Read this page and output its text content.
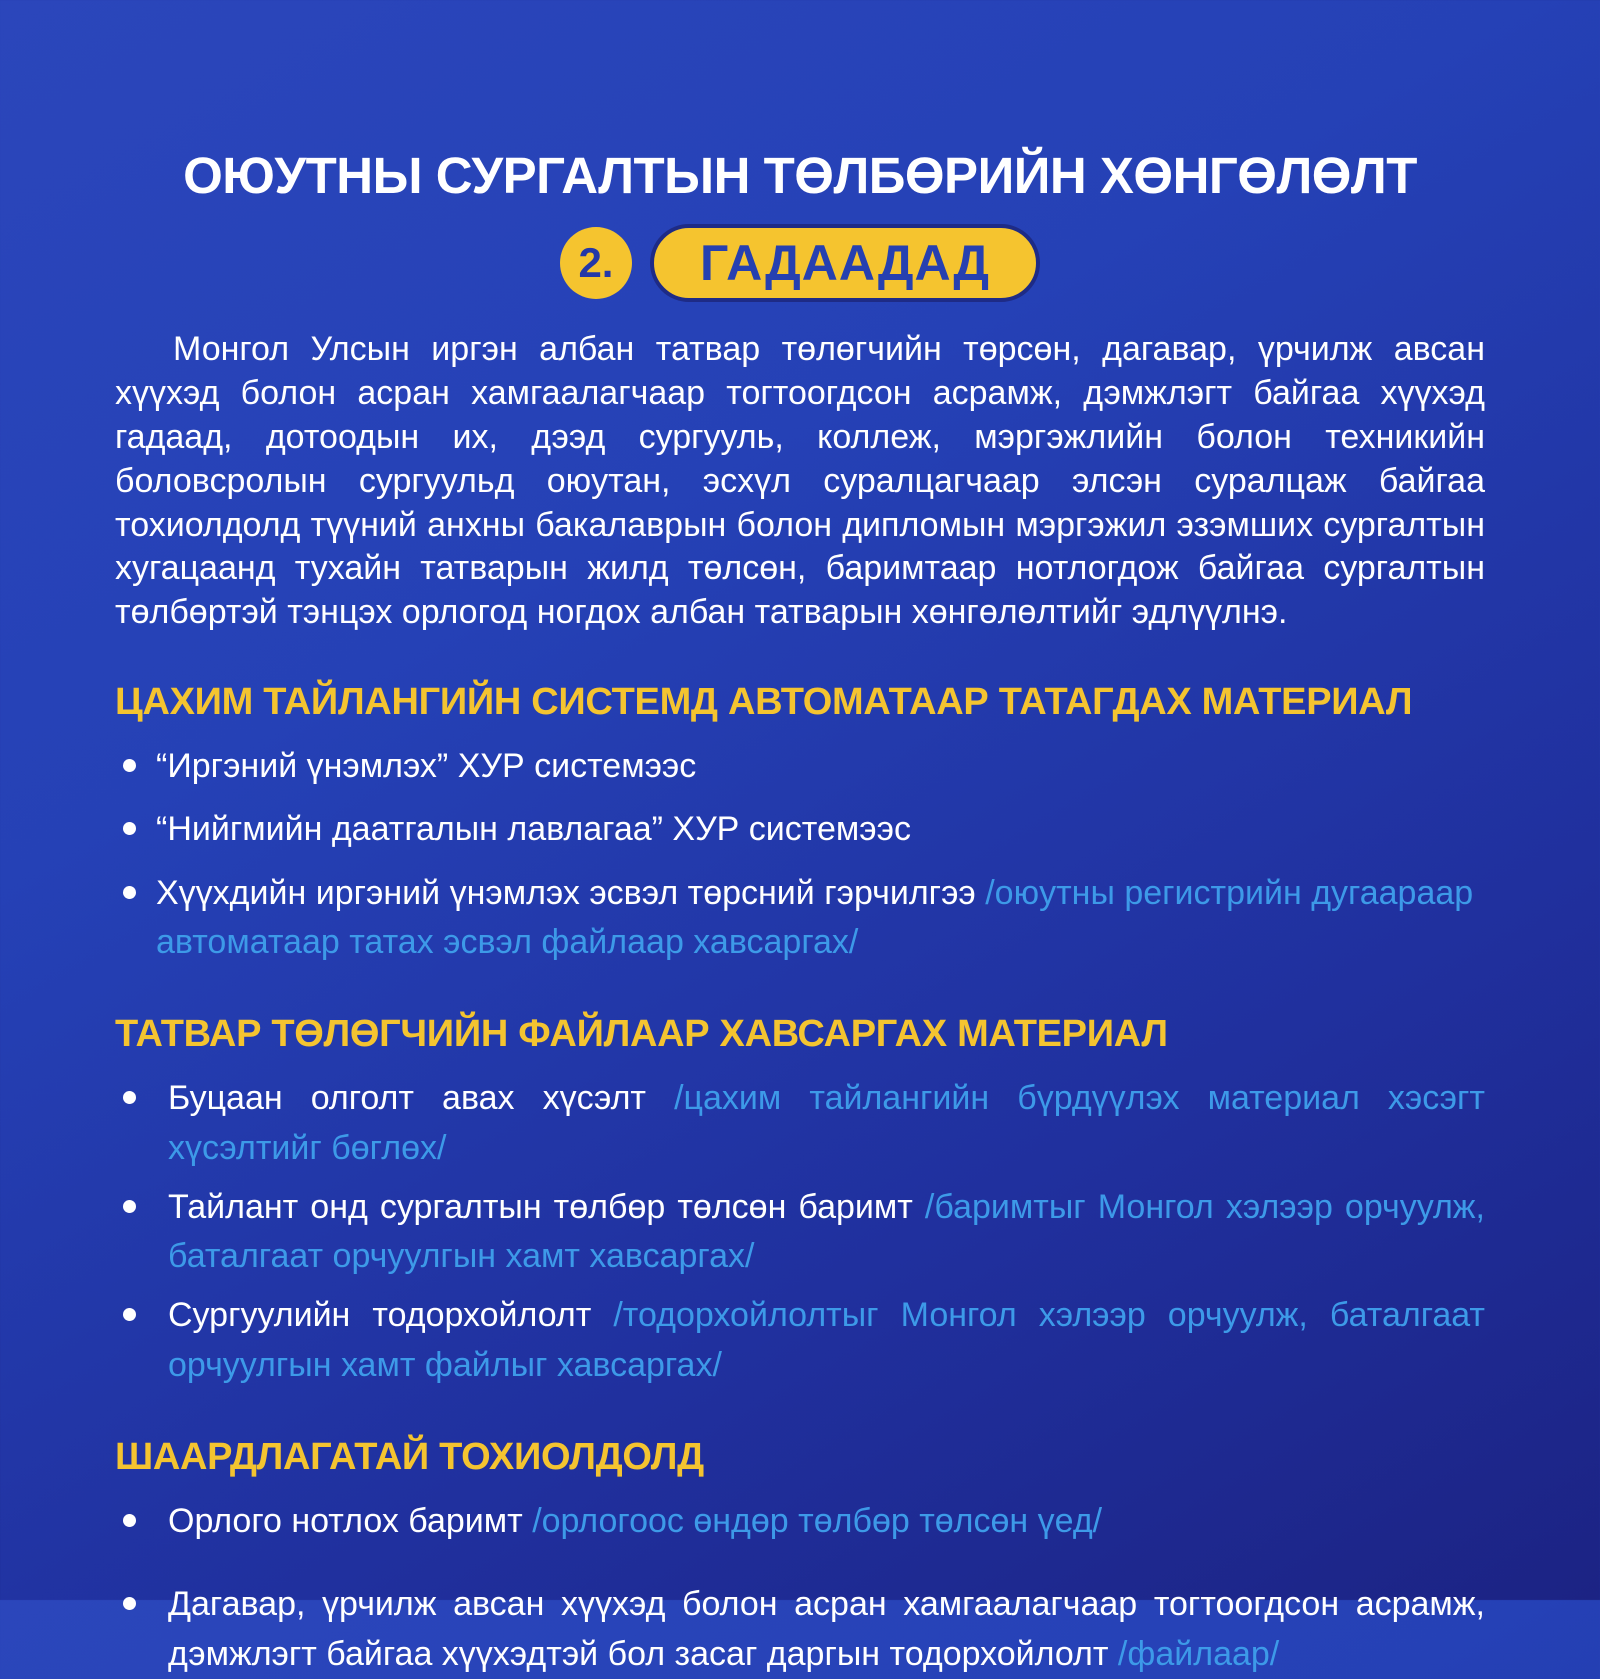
ОЮУТНЫ СУРГАЛТЫН ТӨЛБӨРИЙН ХӨНГӨЛӨЛТ
2.	ГАДААДАД

Монгол Улсын иргэн албан татвар төлөгчийн төрсөн, дагавар, үрчилж авсан хүүхэд болон асран хамгаалагчаар тогтоогдсон асрамж, дэмжлэгт байгаа хүүхэд гадаад, дотоодын их, дээд сургууль, коллеж, мэргэжлийн болон техникийн боловсролын сургуульд оюутан, эсхүл суралцагчаар элсэн суралцаж байгаа тохиолдолд түүний анхны бакалаврын болон дипломын мэргэжил эзэмших сургалтын хугацаанд тухайн татварын жилд төлсөн, баримтаар нотлогдож байгаа сургалтын төлбөртэй тэнцэх орлогод ногдох албан татварын хөнгөлөлтийг эдлүүлнэ.

ЦАХИМ ТАЙЛАНГИЙН СИСТЕМД АВТОМАТААР ТАТАГДАХ МАТЕРИАЛ
“Иргэний үнэмлэх” ХУР системээс
“Нийгмийн даатгалын лавлагаа” ХУР системээс
Хүүхдийн иргэний үнэмлэх эсвэл төрсний гэрчилгээ /оюутны регистрийн дугаараар автоматаар татах эсвэл файлаар хавсаргах/
ТАТВАР ТӨЛӨГЧИЙН ФАЙЛААР ХАВСАРГАХ МАТЕРИАЛ
Буцаан олголт авах хүсэлт /цахим тайлангийн бүрдүүлэх материал хэсэгт хүсэлтийг бөглөх/
Тайлант онд сургалтын төлбөр төлсөн баримт /баримтыг Монгол хэлээр орчуулж, баталгаат орчуулгын хамт хавсаргах/
Сургуулийн тодорхойлолт /тодорхойлолтыг Монгол хэлээр орчуулж, баталгаат орчуулгын хамт файлыг хавсаргах/
ШААРДЛАГАТАЙ ТОХИОЛДОЛД
Орлого нотлох баримт /орлогоос өндөр төлбөр төлсөн үед/
Дагавар, үрчилж авсан хүүхэд болон асран хамгаалагчаар тогтоогдсон асрамж, дэмжлэгт байгаа хүүхэдтэй бол засаг даргын тодорхойлолт /файлаар/
